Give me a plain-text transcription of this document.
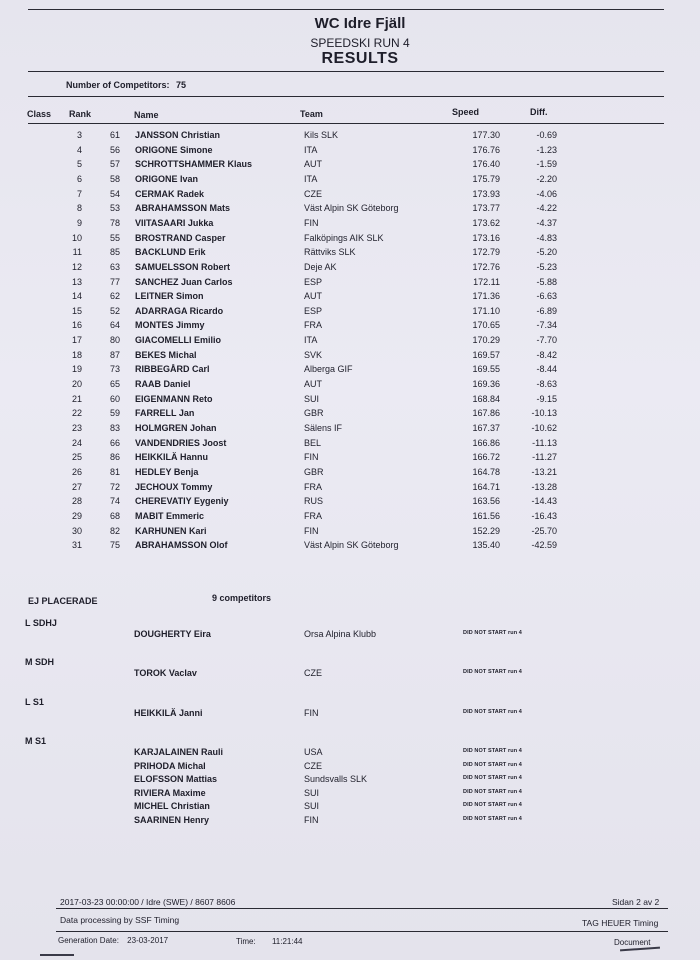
WC Idre Fjäll
SPEEDSKI RUN 4
RESULTS
Number of Competitors: 75
Class Rank	Name	Team	Speed	Diff.
3	61 JANSSON Christian	Kils SLK	177.30	-0.69
4	56 ORIGONE Simone	ITA	176.76	-1.23
5	57 SCHROTTSHAMMER Klaus	AUT	176.40	-1.59
6	58 ORIGONE Ivan	ITA	175.79	-2.20
7	54 CERMAK Radek	CZE	173.93	-4.06
8	53 ABRAHAMSSON Mats	Väst Alpin SK Göteborg	173.77	-4.22
9	78 VIITASAARI Jukka	FIN	173.62	-4.37
10	55 BROSTRAND Casper	Falköpings AIK SLK	173.16	-4.83
11	85 BACKLUND Erik	Rättviks SLK	172.79	-5.20
12	63 SAMUELSSON Robert	Deje AK	172.76	-5.23
13	77 SANCHEZ Juan Carlos	ESP	172.11	-5.88
14	62 LEITNER Simon	AUT	171.36	-6.63
15	52 ADARRAGA Ricardo	ESP	171.10	-6.89
16	64 MONTES Jimmy	FRA	170.65	-7.34
17	80 GIACOMELLI Emilio	ITA	170.29	-7.70
18	87 BEKES Michal	SVK	169.57	-8.42
19	73 RIBBEGÅRD Carl	Alberga GIF	169.55	-8.44
20	65 RAAB Daniel	AUT	169.36	-8.63
21	60 EIGENMANN Reto	SUI	168.84	-9.15
22	59 FARRELL Jan	GBR	167.86	-10.13
23	83 HOLMGREN Johan	Sälens IF	167.37	-10.62
24	66 VANDENDRIES Joost	BEL	166.86	-11.13
25	86 HEIKKILÄ Hannu	FIN	166.72	-11.27
26	81 HEDLEY Benja	GBR	164.78	-13.21
27	72 JECHOUX Tommy	FRA	164.71	-13.28
28	74 CHEREVATIY Eygeniy	RUS	163.56	-14.43
29	68 MABIT Emmeric	FRA	161.56	-16.43
30	82 KARHUNEN Kari	FIN	152.29	-25.70
31	75 ABRAHAMSSON Olof	Väst Alpin SK Göteborg	135.40	-42.59
EJ PLACERADE	9 competitors
L SDHJ
DOUGHERTY Eira	Orsa Alpina Klubb	DID NOT START run 4
M SDH
TOROK Vaclav	CZE	DID NOT START run 4
L S1
HEIKKILÄ Janni	FIN	DID NOT START run 4
M S1
KARJALAINEN Rauli	USA	DID NOT START run 4
PRIHODA Michal	CZE	DID NOT START run 4
ELOFSSON Mattias	Sundsvalls SLK	DID NOT START run 4
RIVIERA Maxime	SUI	DID NOT START run 4
MICHEL Christian	SUI	DID NOT START run 4
SAARINEN Henry	FIN	DID NOT START run 4
2017-03-23 00:00:00 / Idre (SWE) / 8607 8606	Sidan 2 av 2
Data processing by SSF Timing	TAG HEUER Timing
Generation Date: 23-03-2017	Time: 11:21:44	Document
